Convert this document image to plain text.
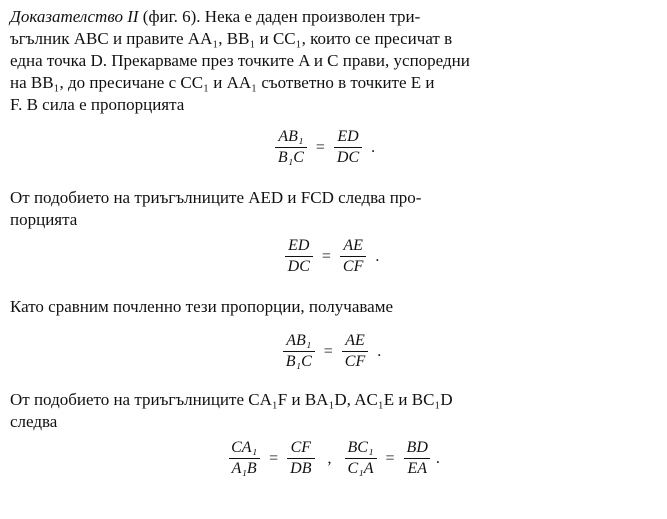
Доказателство II (фиг. 6). Нека е даден произволен три-
ъгълник ABC и правите AA₁, BB₁ и CC₁, които се пресичат в
една точка D. Прекарваме през точките A и C прави, успоредни
на BB₁, до пресичане с CC₁ и AA₁ съответно в точките E и
F. В сила е пропорцията
$\frac{\text{AB₁}}{\text{B₁C}} = \frac{ED}{DC}$ .
От подобието на триъгълниците AED и FCD следва про-
порцията
$\frac{ED}{DC} = \frac{AE}{CF}$ .
Като сравним почленно тези пропорции, получаваме
$\frac{\text{AB₁}}{\text{B₁C}} = \frac{AE}{CF}$ .
От подобието на триъгълниците CA₁F и BA₁D, AC₁E и BC₁D
следва
$\frac{\text{CA₁}}{\text{A₁B}} = \frac{CF}{DB}$ , $\frac{\text{BC₁}}{\text{C₁A}} = \frac{BD}{EA}$ .
